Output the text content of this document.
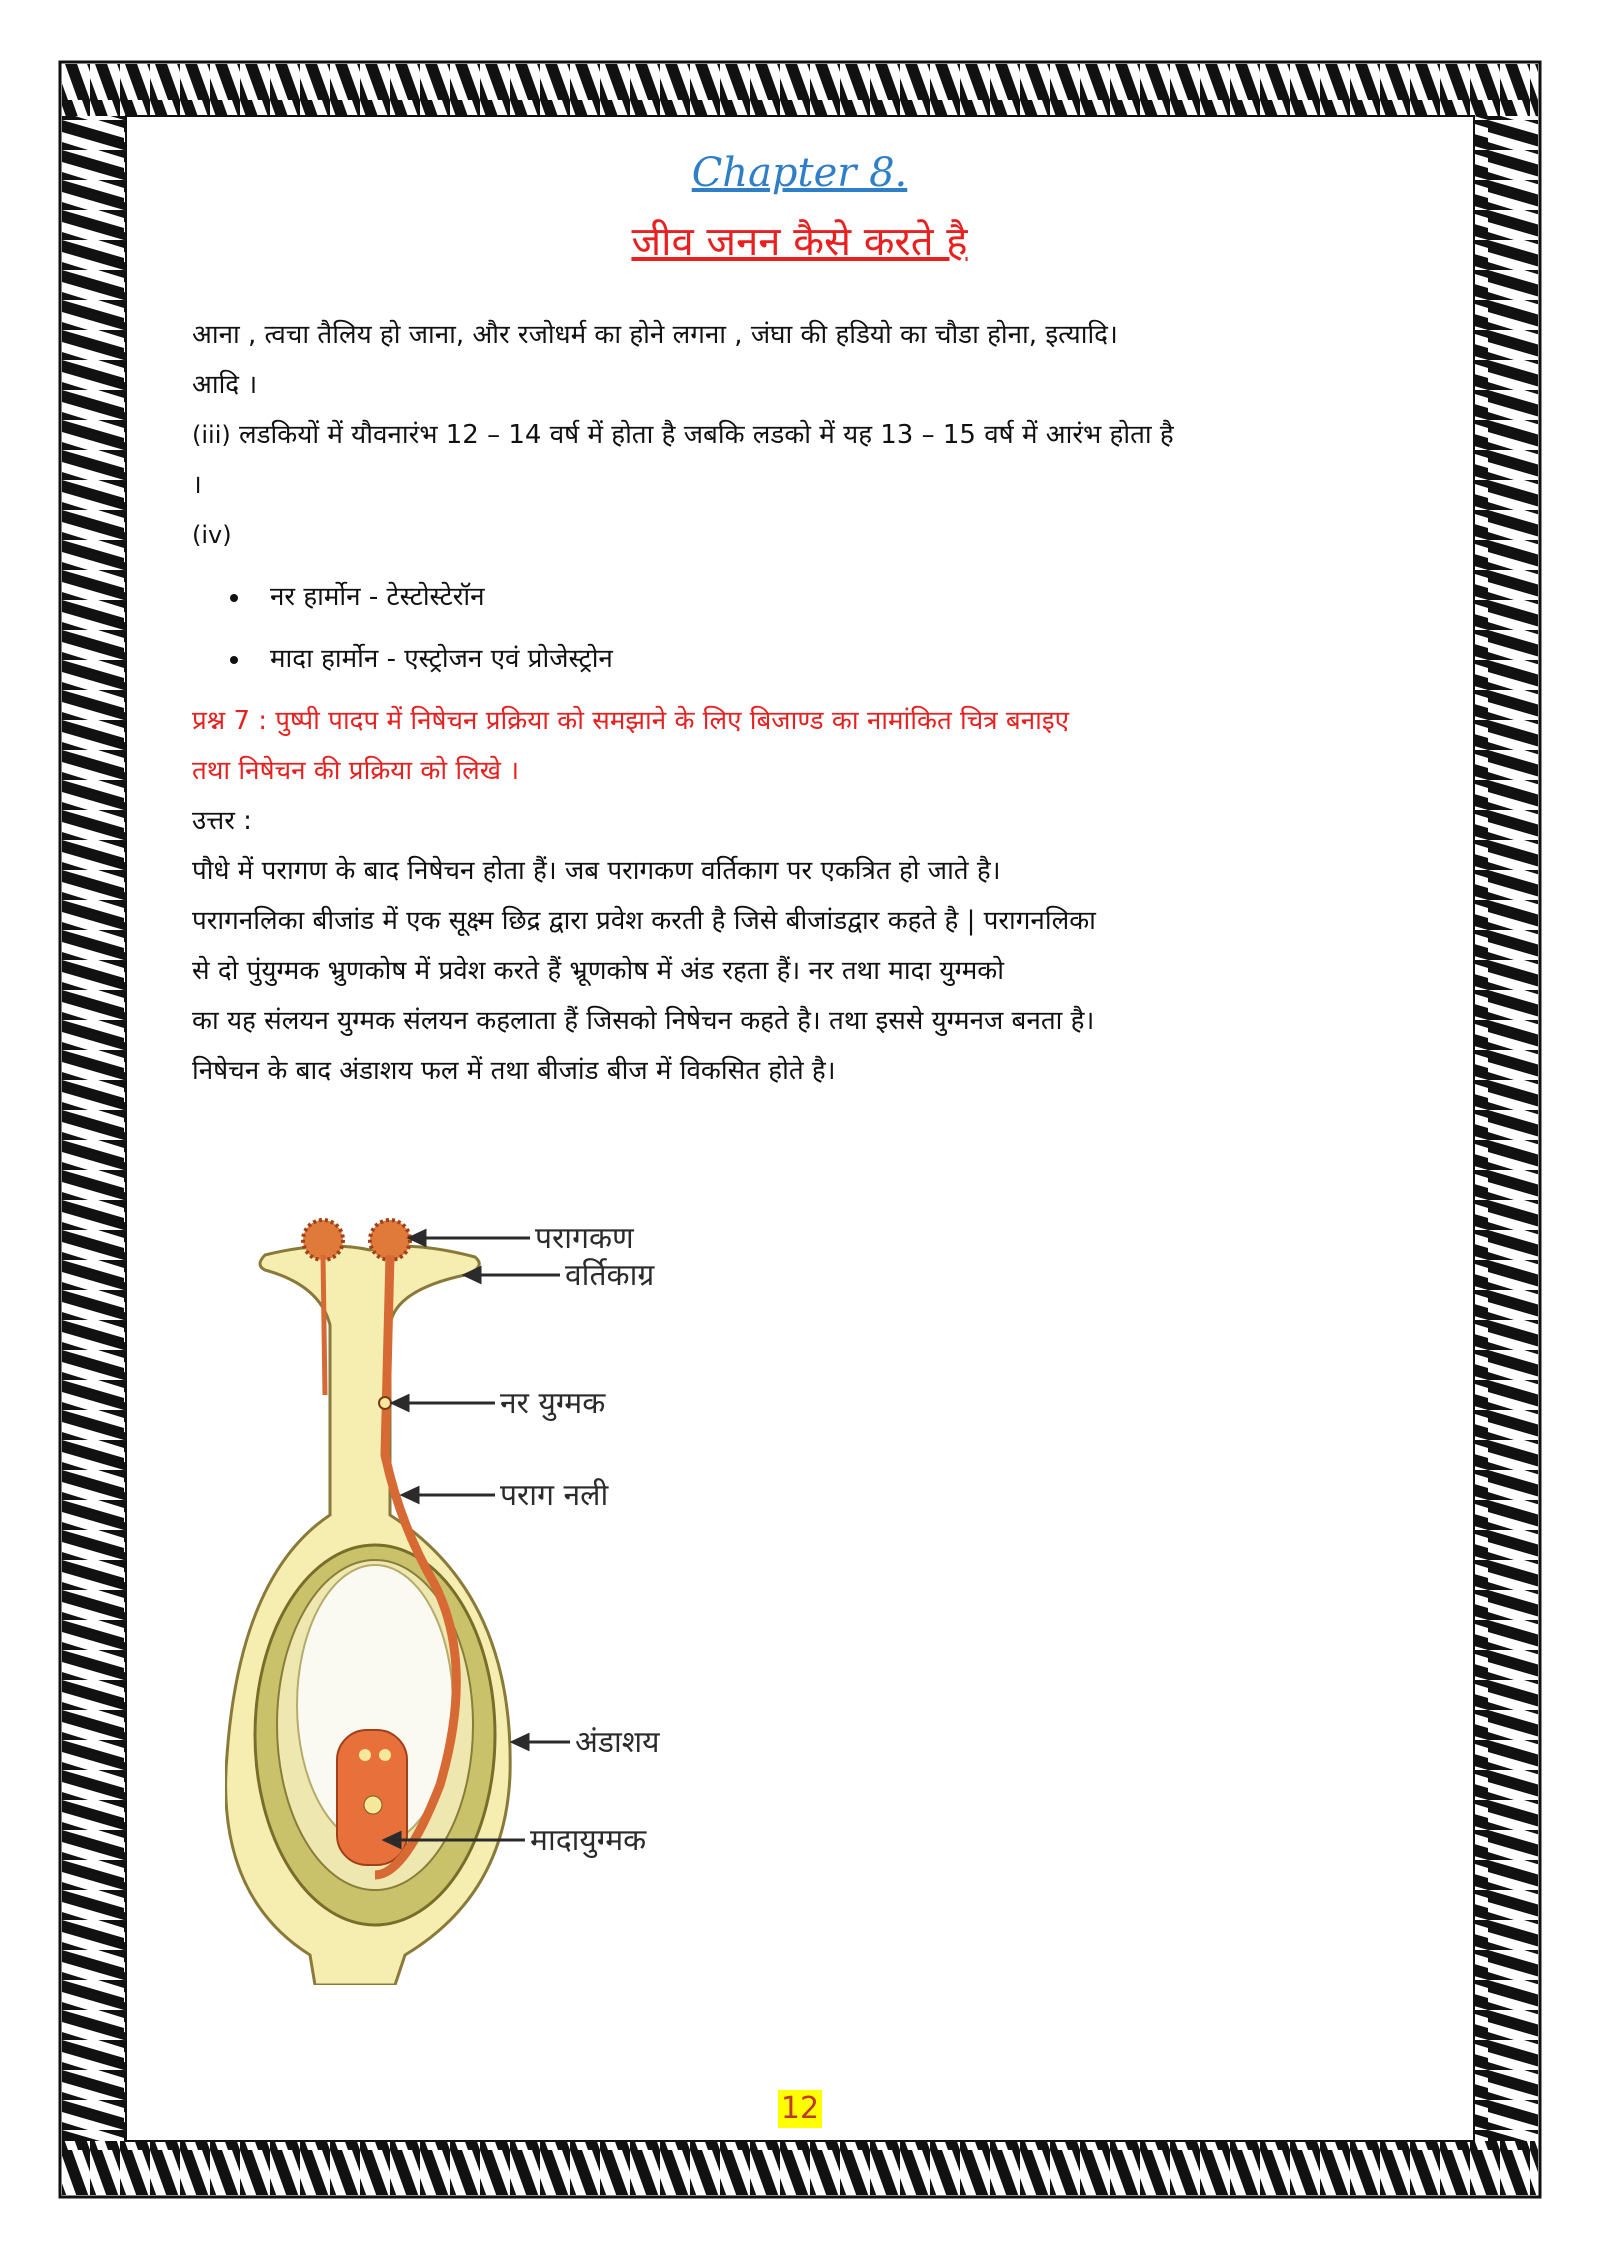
Chapter 8.

जीव जनन कैसे करते है

आना , त्वचा तैलिय हो जाना, और रजोधर्म का होने लगना , जंघा की हडियो का चौडा होना, इत्यादि।

आदि ।

(iii) लडकियों में यौवनारंभ 12 – 14 वर्ष में होता है जबकि लडको में यह 13 – 15 वर्ष में आरंभ होता है

।

(iv)

• नर हार्मोन - टेस्टोस्टेरॉन
• मादा हार्मोन - एस्ट्रोजन एवं प्रोजेस्ट्रोन

प्रश्न 7 : पुष्पी पादप में निषेचन प्रक्रिया को समझाने के लिए बिजाण्ड का नामांकित चित्र बनाइए

तथा निषेचन की प्रक्रिया को लिखे ।

उत्तर :

पौधे में परागण के बाद निषेचन होता हैं। जब परागकण वर्तिकाग पर एकत्रित हो जाते है।

परागनलिका बीजांड में एक सूक्ष्म छिद्र द्वारा प्रवेश करती है जिसे बीजांडद्वार कहते है | परागनलिका

से दो पुंयुग्मक भ्रुणकोष में प्रवेश करते हैं भ्रूणकोष में अंड रहता हैं। नर तथा मादा युग्मको

का यह संलयन युग्मक संलयन कहलाता हैं जिसको निषेचन कहते है। तथा इससे युग्मनज बनता है।

निषेचन के बाद अंडाशय फल में तथा बीजांड बीज में विकसित होते है।

परागकण
वर्तिकाग्र
नर युग्मक
पराग नली
अंडाशय
मादायुग्मक
12
